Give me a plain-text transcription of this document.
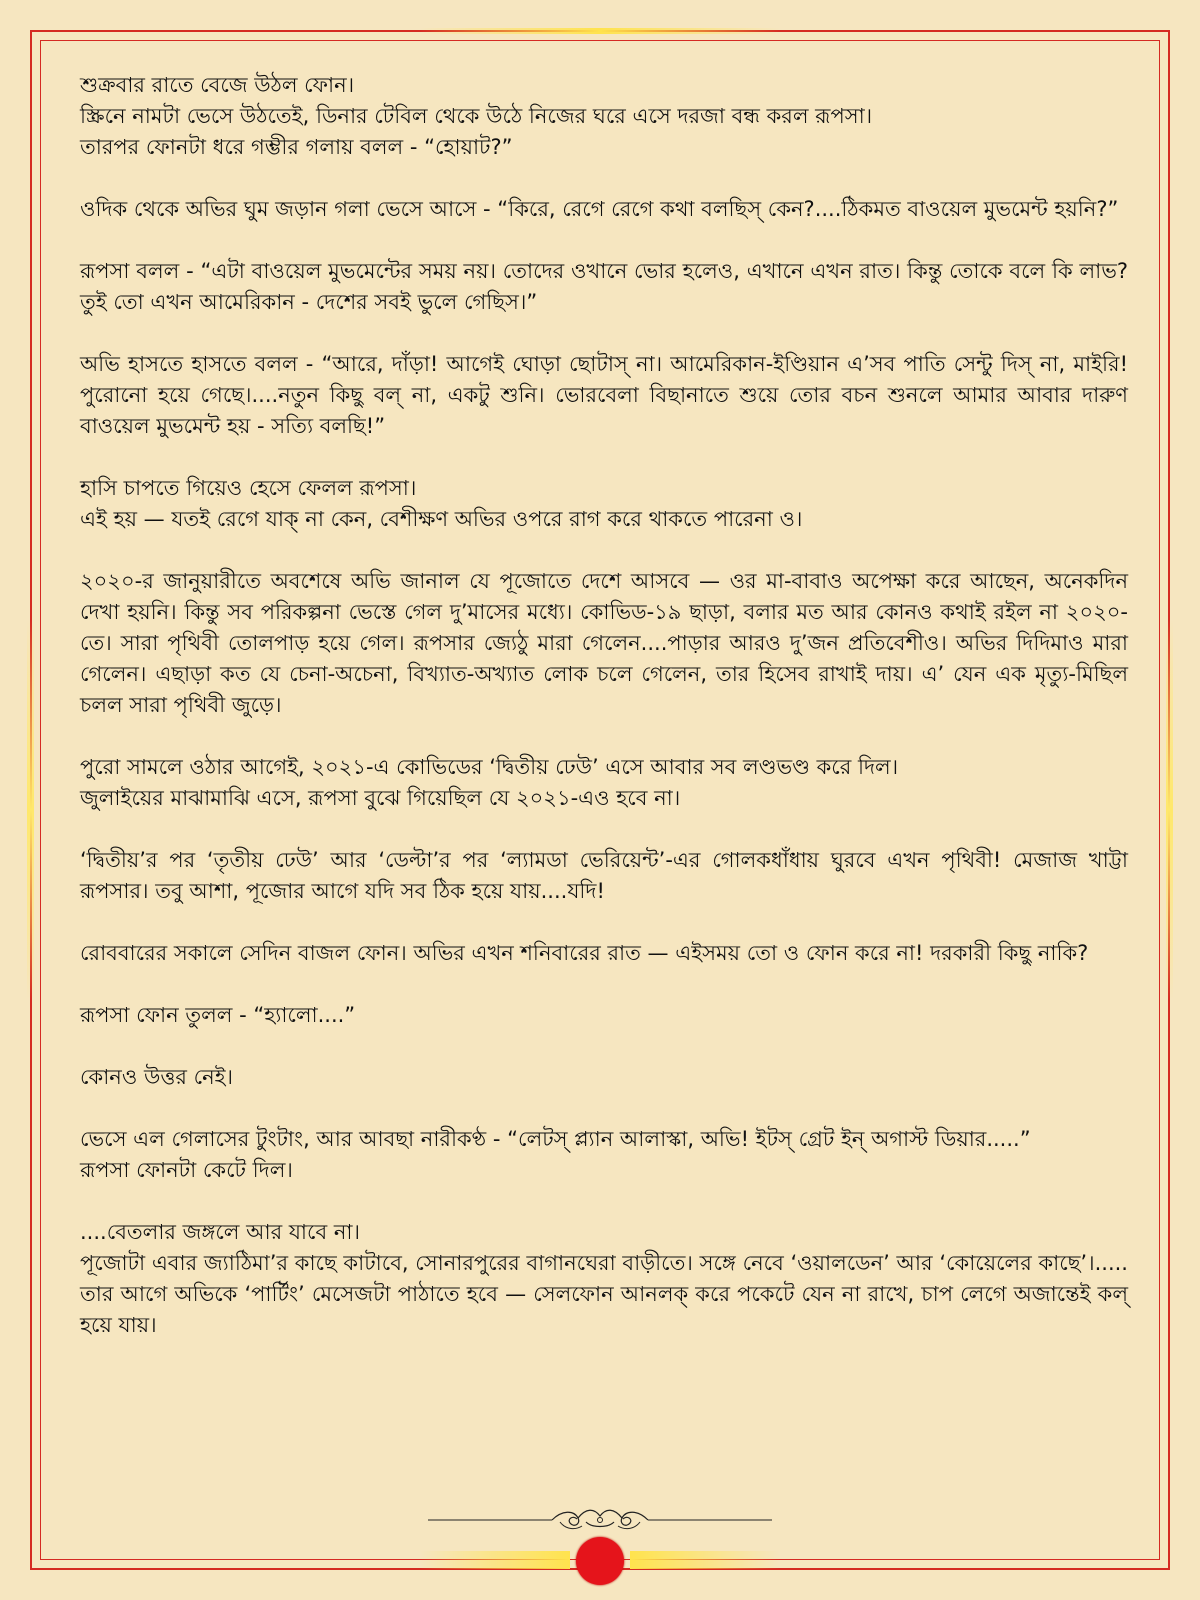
শুক্রবার রাতে বেজে উঠল ফোন।
স্ক্রিনে নামটা ভেসে উঠতেই, ডিনার টেবিল থেকে উঠে নিজের ঘরে এসে দরজা বন্ধ করল রূপসা।
তারপর ফোনটা ধরে গম্ভীর গলায় বলল - “হোয়াট?”
ওদিক থেকে অভির ঘুম জড়ান গলা ভেসে আসে - “কিরে, রেগে রেগে কথা বলছিস্ কেন?....ঠিকমত বাওয়েল মুভমেন্ট হয়নি?”
রূপসা বলল - “এটা বাওয়েল মুভমেন্টের সময় নয়। তোদের ওখানে ভোর হলেও, এখানে এখন রাত। কিন্তু তোকে বলে কি লাভ? তুই তো এখন আমেরিকান - দেশের সবই ভুলে গেছিস।”
অভি হাসতে হাসতে বলল - “আরে, দাঁড়া! আগেই ঘোড়া ছোটাস্ না। আমেরিকান-ইণ্ডিয়ান এ’সব পাতি সেন্টু দিস্ না, মাইরি! পুরোনো হয়ে গেছে।....নতুন কিছু বল্ না, একটু শুনি। ভোরবেলা বিছানাতে শুয়ে তোর বচন শুনলে আমার আবার দারুণ বাওয়েল মুভমেন্ট হয় - সত্যি বলছি!”
হাসি চাপতে গিয়েও হেসে ফেলল রূপসা।
এই হয় — যতই রেগে যাক্ না কেন, বেশীক্ষণ অভির ওপরে রাগ করে থাকতে পারেনা ও।
২০২০-র জানুয়ারীতে অবশেষে অভি জানাল যে পূজোতে দেশে আসবে — ওর মা-বাবাও অপেক্ষা করে আছেন, অনেকদিন দেখা হয়নি। কিন্তু সব পরিকল্পনা ভেস্তে গেল দু’মাসের মধ্যে। কোভিড-১৯ ছাড়া, বলার মত আর কোনও কথাই রইল না ২০২০-তে। সারা পৃথিবী তোলপাড় হয়ে গেল। রূপসার জ্যেঠু মারা গেলেন....পাড়ার আরও দু’জন প্রতিবেশীও। অভির দিদিমাও মারা গেলেন। এছাড়া কত যে চেনা-অচেনা, বিখ্যাত-অখ্যাত লোক চলে গেলেন, তার হিসেব রাখাই দায়। এ’ যেন এক মৃত্যু-মিছিল চলল সারা পৃথিবী জুড়ে।
পুরো সামলে ওঠার আগেই, ২০২১-এ কোভিডের ‘দ্বিতীয় ঢেউ’ এসে আবার সব লণ্ডভণ্ড করে দিল।
জুলাইয়ের মাঝামাঝি এসে, রূপসা বুঝে গিয়েছিল যে ২০২১-এও হবে না।
‘দ্বিতীয়’র পর ‘তৃতীয় ঢেউ’ আর ‘ডেল্টা’র পর ‘ল্যামডা ভেরিয়েন্ট’-এর গোলকধাঁধায় ঘুরবে এখন পৃথিবী! মেজাজ খাট্টা রূপসার। তবু আশা, পূজোর আগে যদি সব ঠিক হয়ে যায়....যদি!
রোববারের সকালে সেদিন বাজল ফোন। অভির এখন শনিবারের রাত — এইসময় তো ও ফোন করে না! দরকারী কিছু নাকি?
রূপসা ফোন তুলল - “হ্যালো....”
কোনও উত্তর নেই।
ভেসে এল গেলাসের টুংটাং, আর আবছা নারীকণ্ঠ - “লেটস্ প্ল্যান আলাস্কা, অভি! ইটস্ গ্রেট ইন্ অগাস্ট ডিয়ার.....”
রূপসা ফোনটা কেটে দিল।
....বেতলার জঙ্গলে আর যাবে না।
পূজোটা এবার জ্যাঠিমা’র কাছে কাটাবে, সোনারপুরের বাগানঘেরা বাড়ীতে। সঙ্গে নেবে ‘ওয়ালডেন’ আর ‘কোয়েলের কাছে’।..... তার আগে অভিকে ‘পার্টিং’ মেসেজটা পাঠাতে হবে — সেলফোন আনলক্ করে পকেটে যেন না রাখে, চাপ লেগে অজান্তেই কল্ হয়ে যায়।
